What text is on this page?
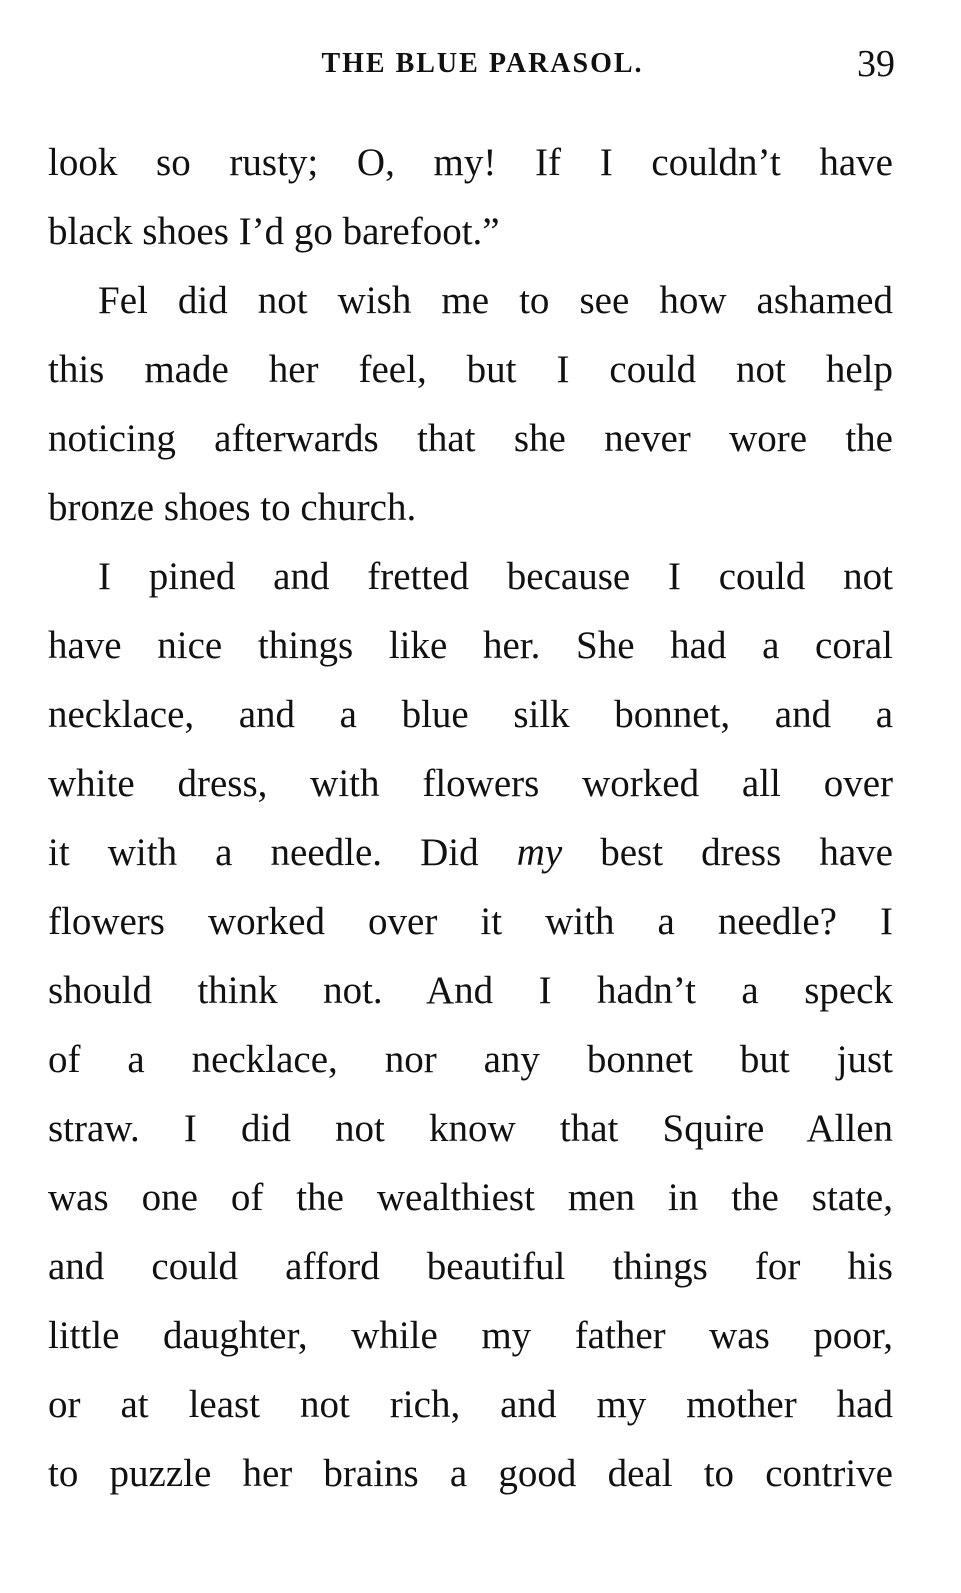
THE BLUE PARASOL.	39
look so rusty; O, my! If I couldn’t have
black shoes I’d go barefoot.”
Fel did not wish me to see how ashamed
this made her feel, but I could not help
noticing afterwards that she never wore the
bronze shoes to church.
I pined and fretted because I could not
have nice things like her. She had a coral
necklace, and a blue silk bonnet, and a
white dress, with flowers worked all over
it with a needle. Did my best dress have
flowers worked over it with a needle? I
should think not. And I hadn’t a speck
of a necklace, nor any bonnet but just
straw. I did not know that Squire Allen
was one of the wealthiest men in the state,
and could afford beautiful things for his
little daughter, while my father was poor,
or at least not rich, and my mother had
to puzzle her brains a good deal to contrive
